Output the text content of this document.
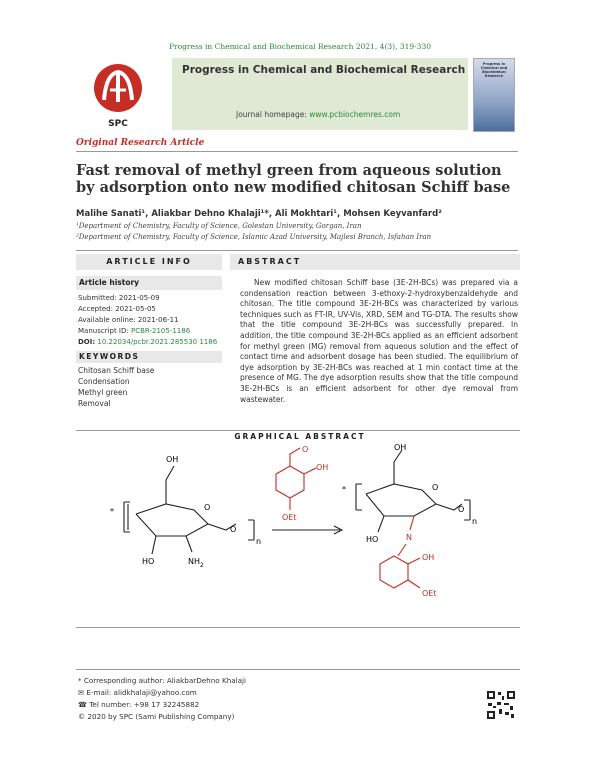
Progress in Chemical and Biochemical Research 2021, 4(3), 319-330
SPC
Progress in Chemical and Biochemical Research
Journal homepage: www.pcbiochemres.com
Progress in Chemical and Biochemical Research
Original Research Article
Fast removal of methyl green from aqueous solution by adsorption onto new modified chitosan Schiff base
Malihe Sanati¹, Aliakbar Dehno Khalaji¹*, Ali Mokhtari¹, Mohsen Keyvanfard²
¹Department of Chemistry, Faculty of Science, Golestan University, Gorgan, Iran
²Department of Chemistry, Faculty of Science, Islamic Azad University, Majlesi Branch, Isfahan Iran
ARTICLE INFO	ABSTRACT
Article history
Submitted: 2021-05-09
Accepted: 2021-05-05
Available online: 2021-06-11
Manuscript ID: PCBR-2105-1186
DOI: 10.22034/pcbr.2021.285530 1186
KEYWORDS
Chitosan Schiff base
Condensation
Methyl green
Removal
New modified chitosan Schiff base (3E-2H-BCs) was prepared via a condensation reaction between 3-ethoxy-2-hydroxybenzaldehyde and chitosan. The title compound 3E-2H-BCs was characterized by various techniques such as FT-IR, UV-Vis, XRD, SEM and TG-DTA. The results show that the title compound 3E-2H-BCs was successfully prepared. In addition, the title compound 3E-2H-BCs applied as an efficient adsorbent for methyl green (MG) removal from aqueous solution and the effect of contact time and adsorbent dosage has been studied. The equilibrium of dye adsorption by 3E-2H-BCs was reached at 1 min contact time at the presence of MG. The dye adsorption results show that the title compound 3E-2H-BCs is an efficient adsorbent for other dye removal from wastewater.
GRAPHICAL ABSTRACT
*
OH
HO	$NH_2$
O
O
n
O
OH
OEt
*
OH
HO
O
O
n
N
OH
OEt
* Corresponding author: AliakbarDehno Khalaji
✉ E-mail: alidkhalaji@yahoo.com
☎ Tel number: +98 17 32245882
© 2020 by SPC (Sami Publishing Company)
